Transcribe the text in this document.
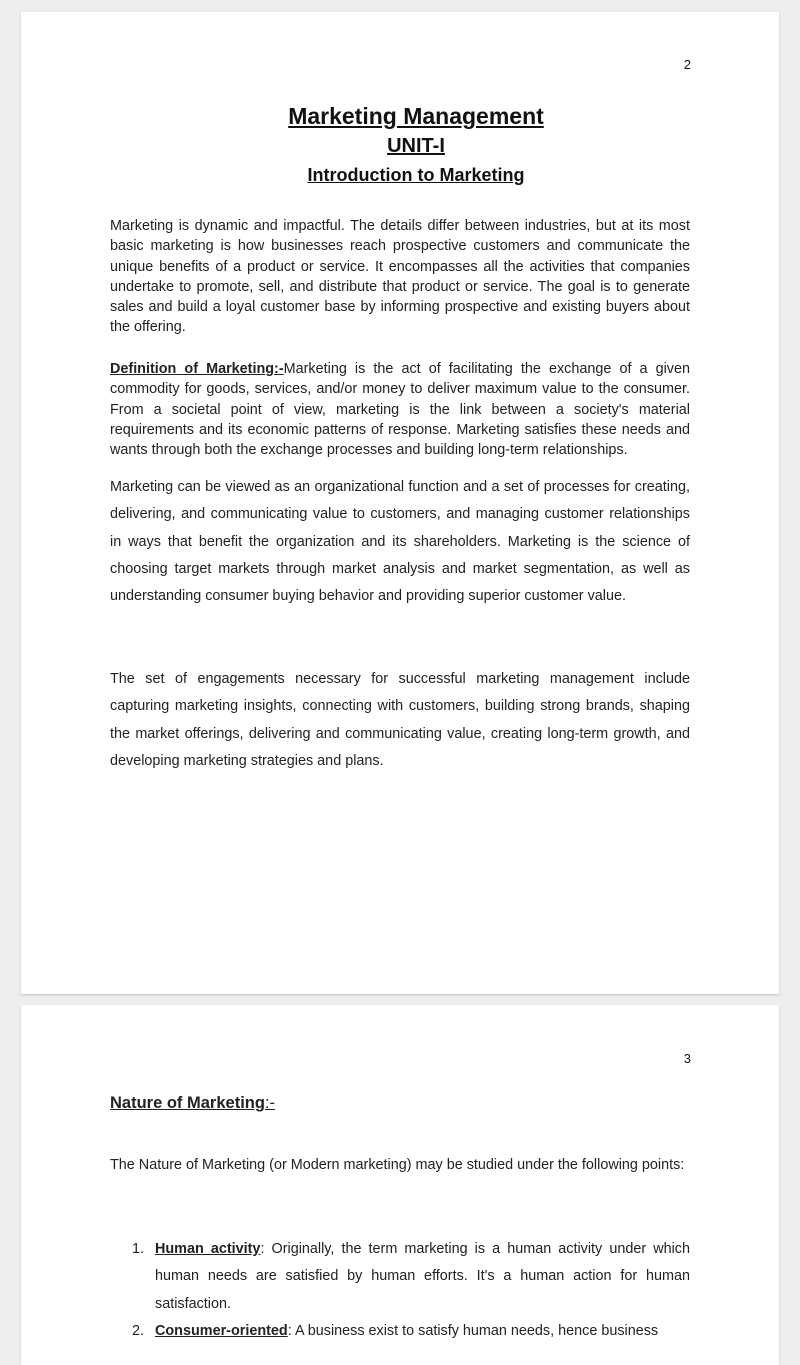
2
Marketing Management
UNIT-I
Introduction to Marketing

Marketing is dynamic and impactful. The details differ between industries, but at its most basic marketing is how businesses reach prospective customers and communicate the unique benefits of a product or service. It encompasses all the activities that companies undertake to promote, sell, and distribute that product or service. The goal is to generate sales and build a loyal customer base by informing prospective and existing buyers about the offering.

Definition of Marketing:-Marketing is the act of facilitating the exchange of a given commodity for goods, services, and/or money to deliver maximum value to the consumer. From a societal point of view, marketing is the link between a society's material requirements and its economic patterns of response. Marketing satisfies these needs and wants through both the exchange processes and building long-term relationships.

Marketing can be viewed as an organizational function and a set of processes for creating, delivering, and communicating value to customers, and managing customer relationships in ways that benefit the organization and its shareholders. Marketing is the science of choosing target markets through market analysis and market segmentation, as well as understanding consumer buying behavior and providing superior customer value.

The set of engagements necessary for successful marketing management include capturing marketing insights, connecting with customers, building strong brands, shaping the market offerings, delivering and communicating value, creating long-term growth, and developing marketing strategies and plans.

3
Nature of Marketing:-

The Nature of Marketing (or Modern marketing) may be studied under the following points:

1. Human activity: Originally, the term marketing is a human activity under which human needs are satisfied by human efforts. It's a human action for human satisfaction.
2. Consumer-oriented: A business exist to satisfy human needs, hence business
